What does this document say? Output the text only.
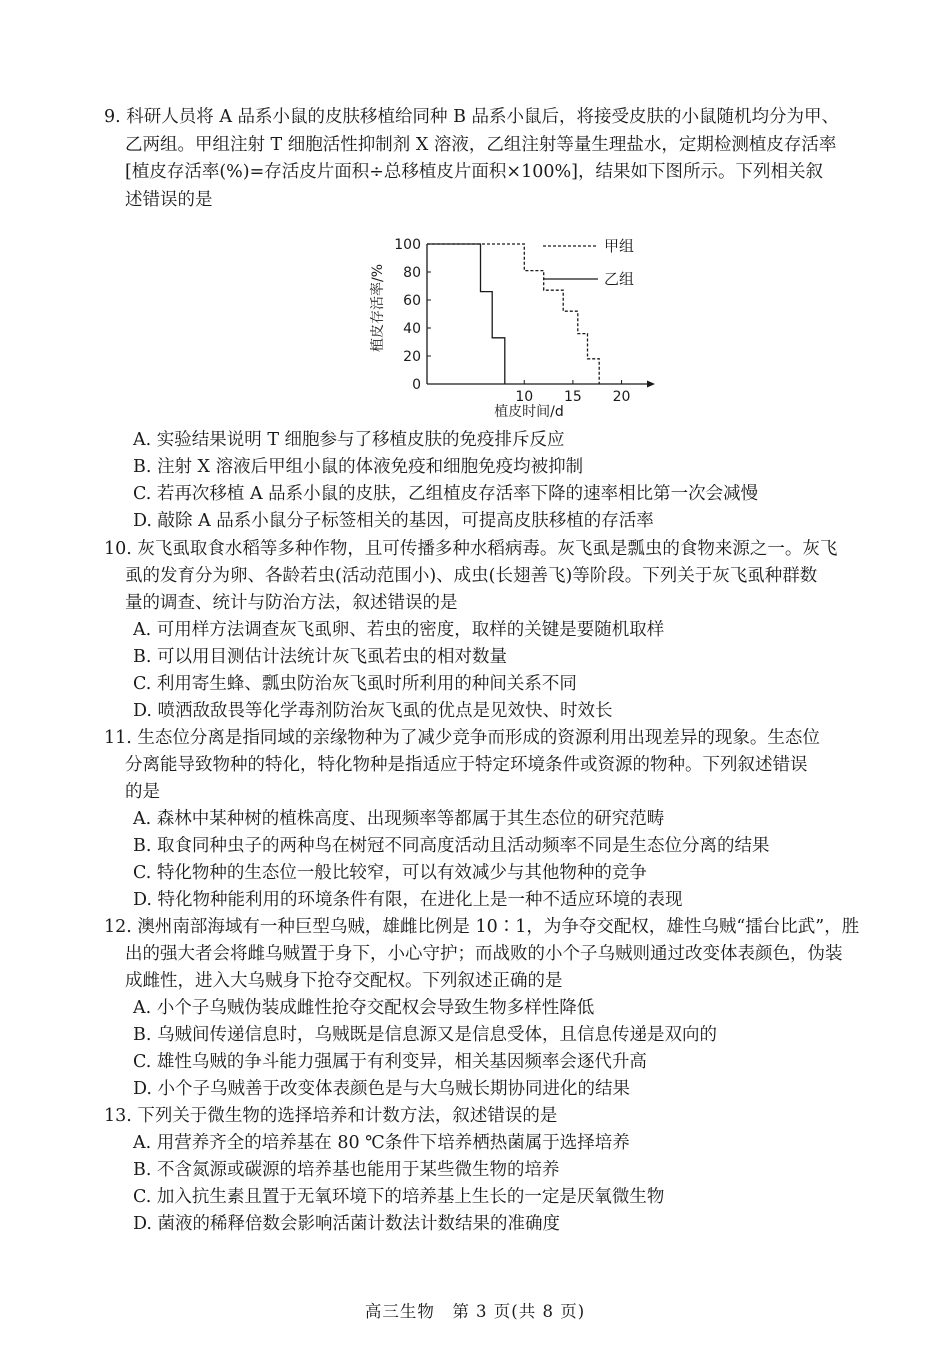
9. 科研人员将 A 品系小鼠的皮肤移植给同种 B 品系小鼠后，将接受皮肤的小鼠随机均分为甲、
乙两组。甲组注射 T 细胞活性抑制剂 X 溶液，乙组注射等量生理盐水，定期检测植皮存活率
[植皮存活率(%)=存活皮片面积÷总移植皮片面积×100%]，结果如下图所示。下列相关叙
述错误的是
0
20
40
60
80
100
10 15 20
甲组
乙组
植皮存活率/%
植皮时间/d
A. 实验结果说明 T 细胞参与了移植皮肤的免疫排斥反应
B. 注射 X 溶液后甲组小鼠的体液免疫和细胞免疫均被抑制
C. 若再次移植 A 品系小鼠的皮肤，乙组植皮存活率下降的速率相比第一次会减慢
D. 敲除 A 品系小鼠分子标签相关的基因，可提高皮肤移植的存活率
10. 灰飞虱取食水稻等多种作物，且可传播多种水稻病毒。灰飞虱是瓢虫的食物来源之一。灰飞
虱的发育分为卵、各龄若虫(活动范围小)、成虫(长翅善飞)等阶段。下列关于灰飞虱种群数
量的调查、统计与防治方法，叙述错误的是
A. 可用样方法调查灰飞虱卵、若虫的密度，取样的关键是要随机取样
B. 可以用目测估计法统计灰飞虱若虫的相对数量
C. 利用寄生蜂、瓢虫防治灰飞虱时所利用的种间关系不同
D. 喷洒敌敌畏等化学毒剂防治灰飞虱的优点是见效快、时效长
11. 生态位分离是指同域的亲缘物种为了减少竞争而形成的资源利用出现差异的现象。生态位
分离能导致物种的特化，特化物种是指适应于特定环境条件或资源的物种。下列叙述错误
的是
A. 森林中某种树的植株高度、出现频率等都属于其生态位的研究范畴
B. 取食同种虫子的两种鸟在树冠不同高度活动且活动频率不同是生态位分离的结果
C. 特化物种的生态位一般比较窄，可以有效减少与其他物种的竞争
D. 特化物种能利用的环境条件有限，在进化上是一种不适应环境的表现
12. 澳州南部海域有一种巨型乌贼，雄雌比例是 10∶1，为争夺交配权，雄性乌贼“擂台比武”，胜
出的强大者会将雌乌贼置于身下，小心守护；而战败的小个子乌贼则通过改变体表颜色，伪装
成雌性，进入大乌贼身下抢夺交配权。下列叙述正确的是
A. 小个子乌贼伪装成雌性抢夺交配权会导致生物多样性降低
B. 乌贼间传递信息时，乌贼既是信息源又是信息受体，且信息传递是双向的
C. 雄性乌贼的争斗能力强属于有利变异，相关基因频率会逐代升高
D. 小个子乌贼善于改变体表颜色是与大乌贼长期协同进化的结果
13. 下列关于微生物的选择培养和计数方法，叙述错误的是
A. 用营养齐全的培养基在 80 ℃条件下培养栖热菌属于选择培养
B. 不含氮源或碳源的培养基也能用于某些微生物的培养
C. 加入抗生素且置于无氧环境下的培养基上生长的一定是厌氧微生物
D. 菌液的稀释倍数会影响活菌计数法计数结果的准确度
高三生物　第 3 页(共 8 页)
